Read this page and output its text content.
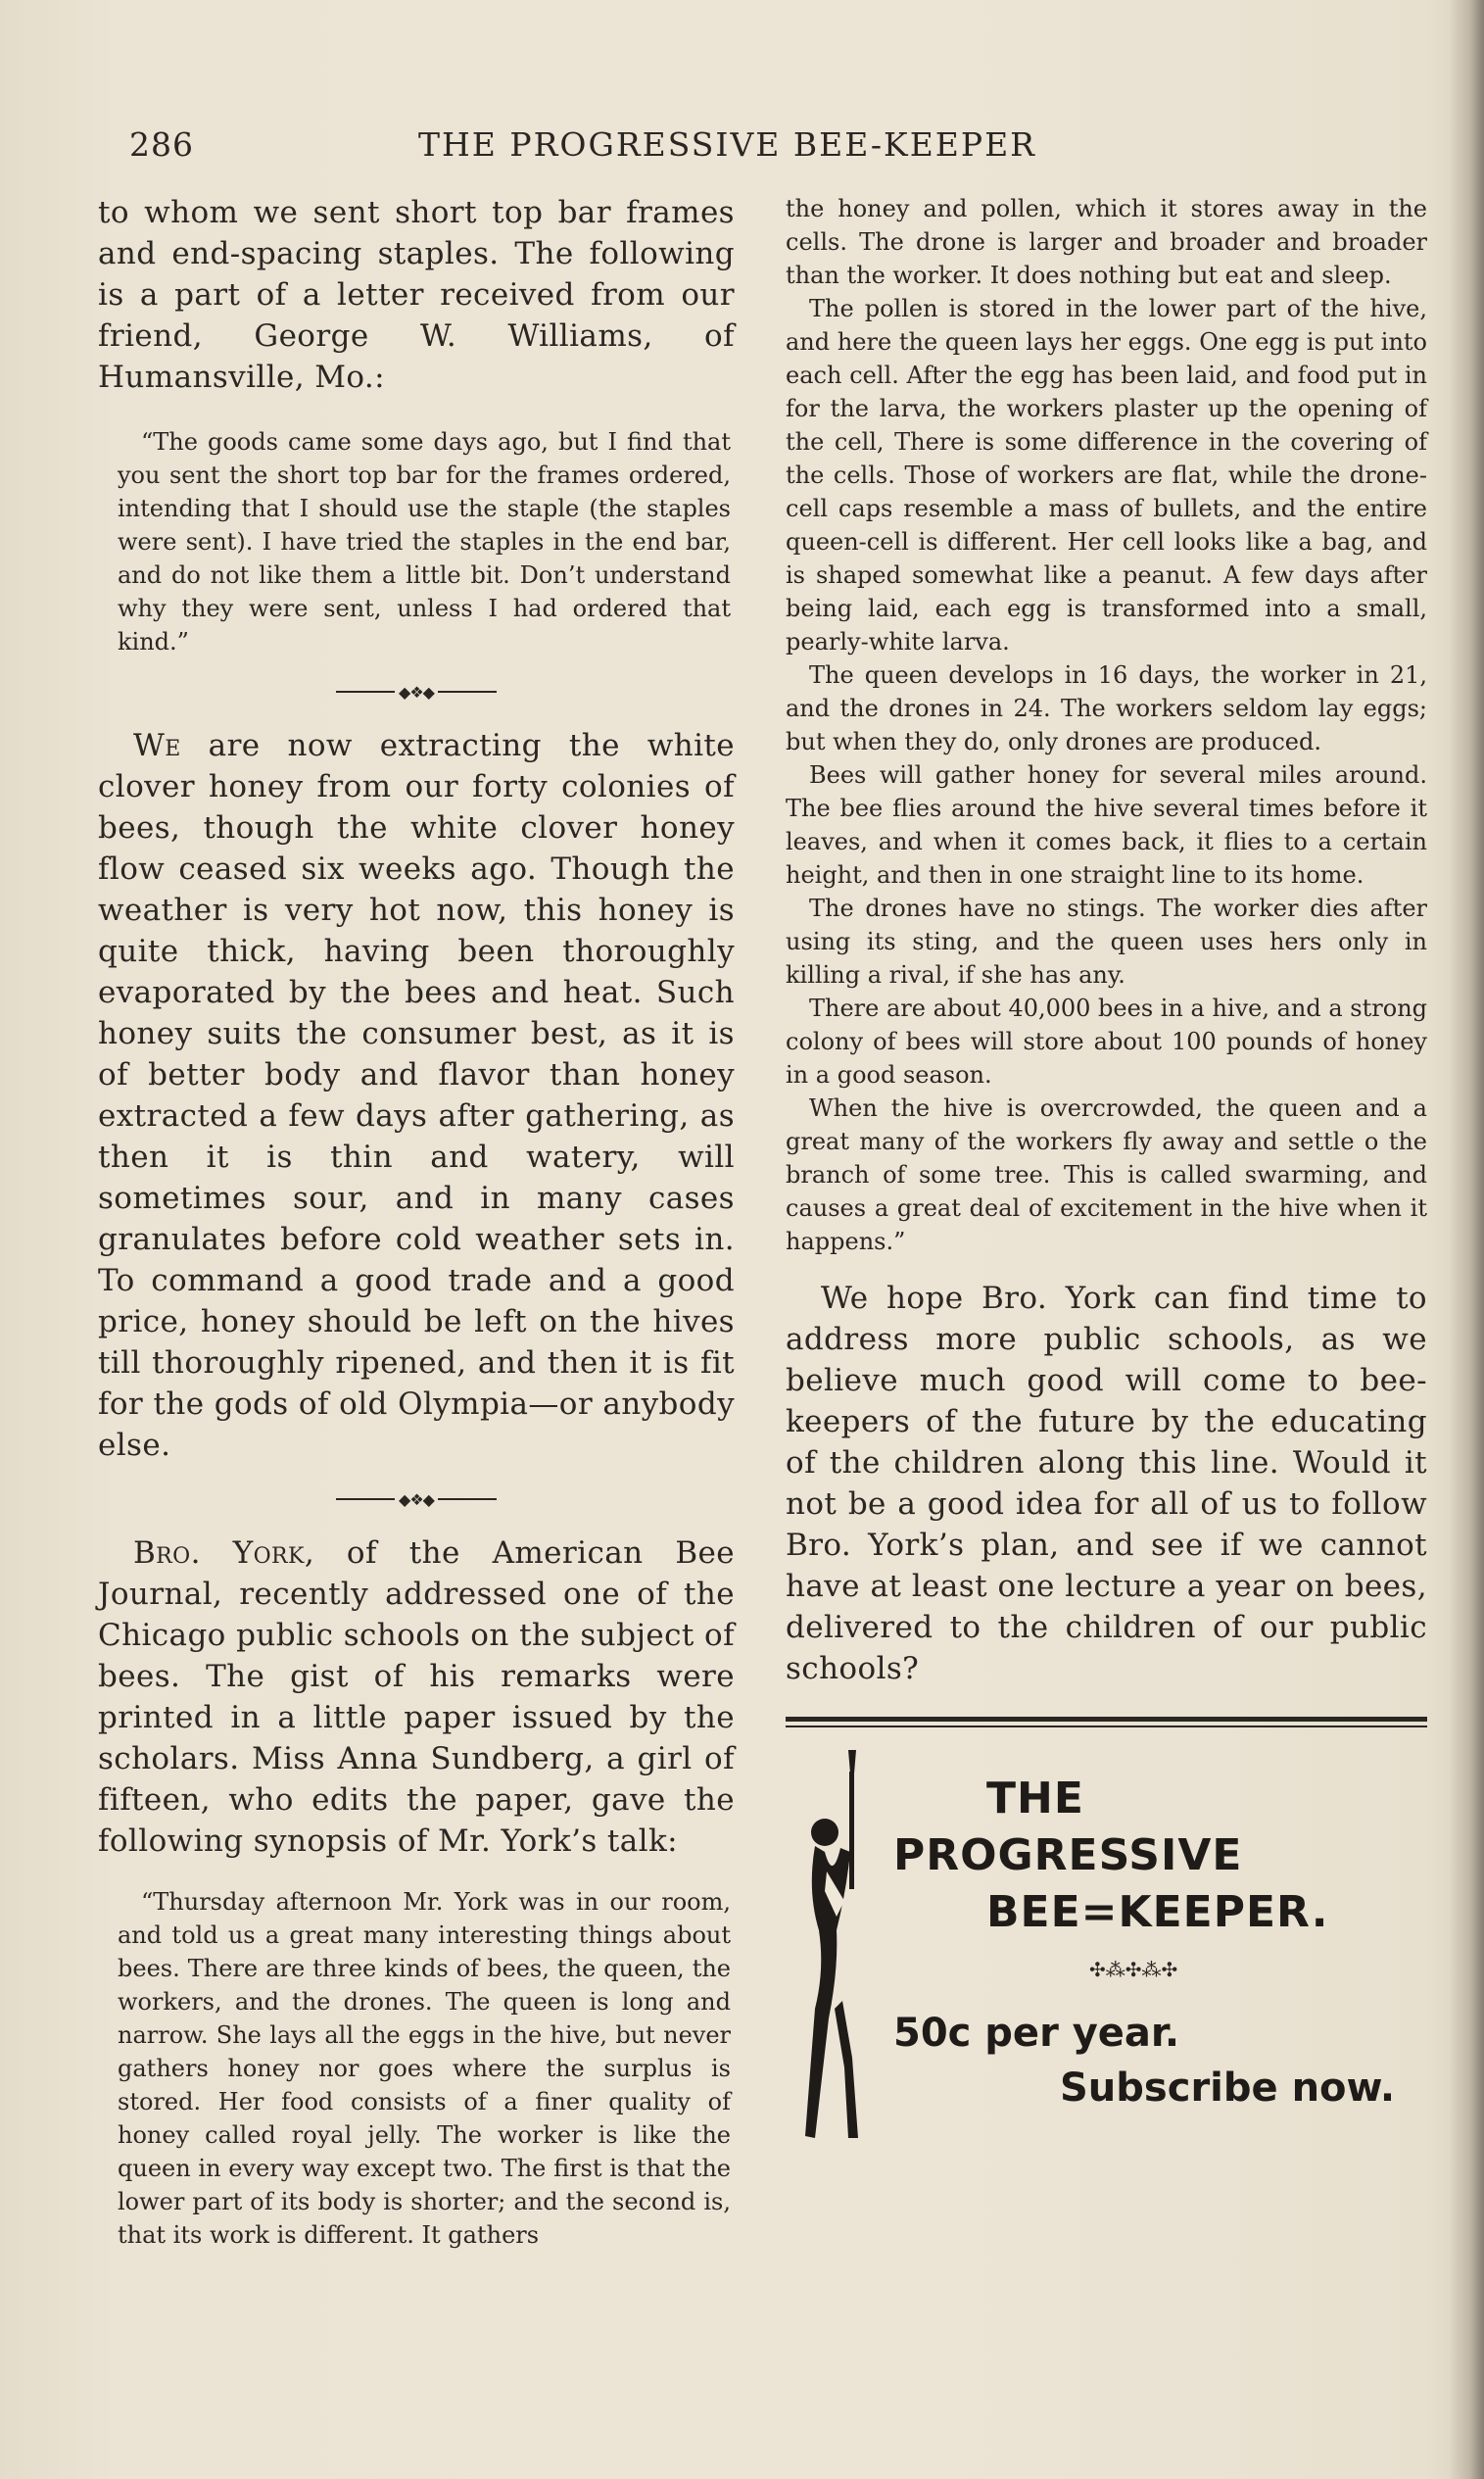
286	THE PROGRESSIVE BEE-KEEPER

to whom we sent short top bar frames and end-spacing staples. The following is a part of a letter received from our friend, George W. Williams, of Humansville, Mo.:

“The goods came some days ago, but I find that you sent the short top bar for the frames ordered, intending that I should use the staple (the staples were sent). I have tried the staples in the end bar, and do not like them a little bit. Don’t understand why they were sent, unless I had ordered that kind.”

◆❖◆

We are now extracting the white clover honey from our forty colonies of bees, though the white clover honey flow ceased six weeks ago. Though the weather is very hot now, this honey is quite thick, having been thoroughly evaporated by the bees and heat. Such honey suits the consumer best, as it is of better body and flavor than honey extracted a few days after gathering, as then it is thin and watery, will sometimes sour, and in many cases granulates before cold weather sets in. To command a good trade and a good price, honey should be left on the hives till thoroughly ripened, and then it is fit for the gods of old Olympia—or anybody else.

◆❖◆

Bro. York, of the American Bee Journal, recently addressed one of the Chicago public schools on the subject of bees. The gist of his remarks were printed in a little paper issued by the scholars. Miss Anna Sundberg, a girl of fifteen, who edits the paper, gave the following synopsis of Mr. York’s talk:

“Thursday afternoon Mr. York was in our room, and told us a great many interesting things about bees. There are three kinds of bees, the queen, the workers, and the drones. The queen is long and narrow. She lays all the eggs in the hive, but never gathers honey nor goes where the surplus is stored. Her food consists of a finer quality of honey called royal jelly. The worker is like the queen in every way except two. The first is that the lower part of its body is shorter; and the second is, that its work is different. It gathers

the honey and pollen, which it stores away in the cells. The drone is larger and broader and broader than the worker. It does nothing but eat and sleep.

The pollen is stored in the lower part of the hive, and here the queen lays her eggs. One egg is put into each cell. After the egg has been laid, and food put in for the larva, the workers plaster up the opening of the cell, There is some difference in the covering of the cells. Those of workers are flat, while the drone-cell caps resemble a mass of bullets, and the entire queen-cell is different. Her cell looks like a bag, and is shaped somewhat like a peanut. A few days after being laid, each egg is transformed into a small, pearly-white larva.

The queen develops in 16 days, the worker in 21, and the drones in 24. The workers seldom lay eggs; but when they do, only drones are produced.

Bees will gather honey for several miles around. The bee flies around the hive several times before it leaves, and when it comes back, it flies to a certain height, and then in one straight line to its home.

The drones have no stings. The worker dies after using its sting, and the queen uses hers only in killing a rival, if she has any.

There are about 40,000 bees in a hive, and a strong colony of bees will store about 100 pounds of honey in a good season.

When the hive is overcrowded, the queen and a great many of the workers fly away and settle o the branch of some tree. This is called swarming, and causes a great deal of excitement in the hive when it happens.”

We hope Bro. York can find time to address more public schools, as we believe much good will come to bee-keepers of the future by the educating of the children along this line. Would it not be a good idea for all of us to follow Bro. York’s plan, and see if we cannot have at least one lecture a year on bees, delivered to the children of our public schools?

THE
PROGRESSIVE
BEE=KEEPER.
✣⁂✣⁂✣
50c per year.
Subscribe now.
